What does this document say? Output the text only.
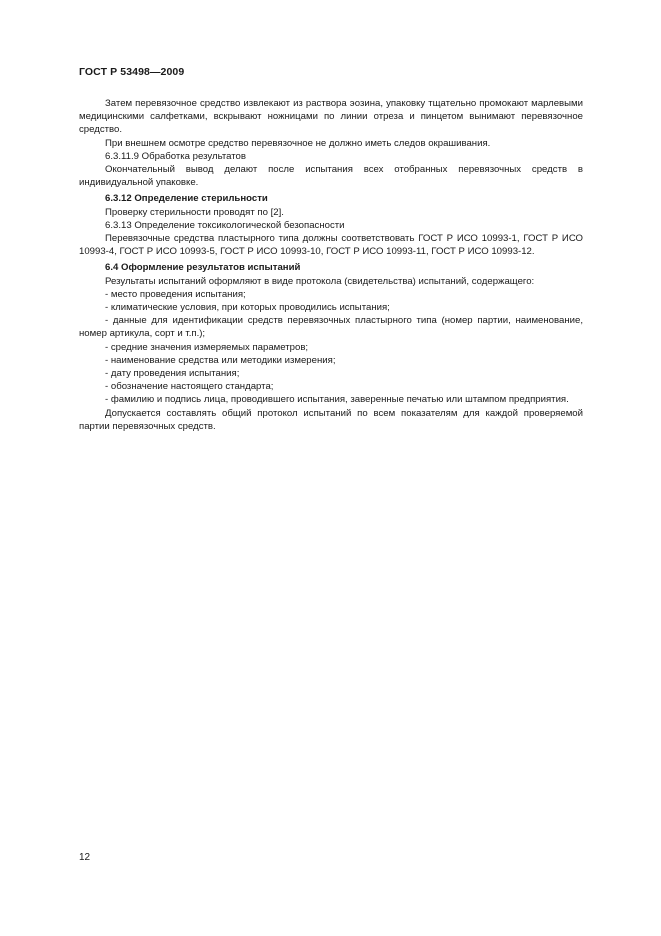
ГОСТ Р 53498—2009

Затем перевязочное средство извлекают из раствора эозина, упаковку тщательно промокают марлевыми медицинскими салфетками, вскрывают ножницами по линии отреза и пинцетом вынимают перевязочное средство.

При внешнем осмотре средство перевязочное не должно иметь следов окрашивания.

6.3.11.9 Обработка результатов

Окончательный вывод делают после испытания всех отобранных перевязочных средств в индивидуальной упаковке.

6.3.12 Определение стерильности

Проверку стерильности проводят по [2].

6.3.13 Определение токсикологической безопасности

Перевязочные средства пластырного типа должны соответствовать ГОСТ Р ИСО 10993-1, ГОСТ Р ИСО 10993-4, ГОСТ Р ИСО 10993-5, ГОСТ Р ИСО 10993-10, ГОСТ Р ИСО 10993-11, ГОСТ Р ИСО 10993-12.

6.4 Оформление результатов испытаний

Результаты испытаний оформляют в виде протокола (свидетельства) испытаний, содержащего:

- место проведения испытания;

- климатические условия, при которых проводились испытания;

- данные для идентификации средств перевязочных пластырного типа (номер партии, наименование, номер артикула, сорт и т.п.);

- средние значения измеряемых параметров;

- наименование средства или методики измерения;

- дату проведения испытания;

- обозначение настоящего стандарта;

- фамилию и подпись лица, проводившего испытания, заверенные печатью или штампом предприятия.

Допускается составлять общий протокол испытаний по всем показателям для каждой проверяемой партии перевязочных средств.

12
